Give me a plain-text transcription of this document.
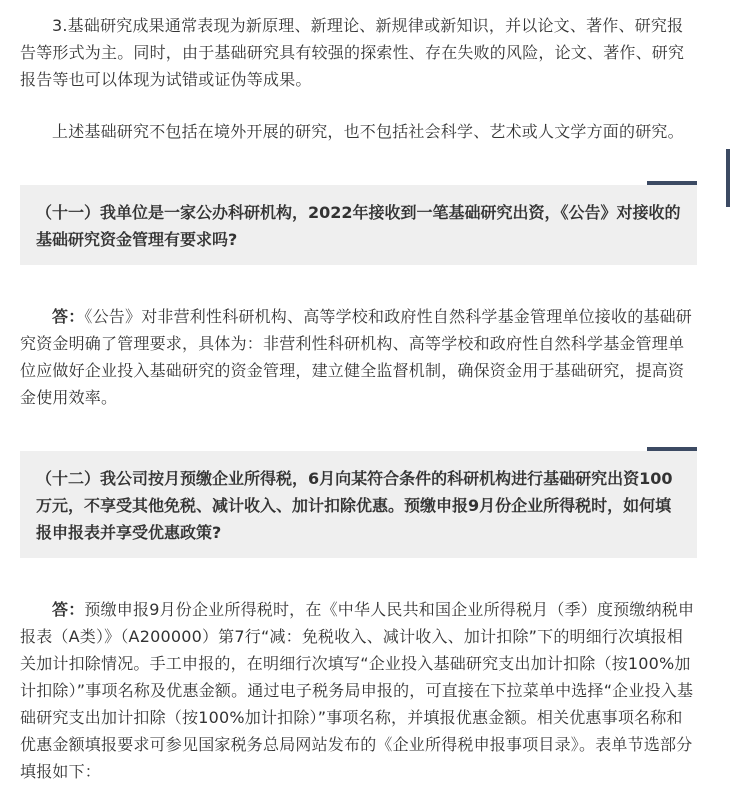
3.基础研究成果通常表现为新原理、新理论、新规律或新知识，并以论文、著作、研究报告等形式为主。同时，由于基础研究具有较强的探索性、存在失败的风险，论文、著作、研究报告等也可以体现为试错或证伪等成果。

上述基础研究不包括在境外开展的研究，也不包括社会科学、艺术或人文学方面的研究。

（十一）我单位是一家公办科研机构，2022年接收到一笔基础研究出资，《公告》对接收的基础研究资金管理有要求吗?

答：《公告》对非营利性科研机构、高等学校和政府性自然科学基金管理单位接收的基础研究资金明确了管理要求，具体为：非营利性科研机构、高等学校和政府性自然科学基金管理单位应做好企业投入基础研究的资金管理，建立健全监督机制，确保资金用于基础研究，提高资金使用效率。

（十二）我公司按月预缴企业所得税，6月向某符合条件的科研机构进行基础研究出资100万元，不享受其他免税、减计收入、加计扣除优惠。预缴申报9月份企业所得税时，如何填报申报表并享受优惠政策?

答：预缴申报9月份企业所得税时，在《中华人民共和国企业所得税月（季）度预缴纳税申报表（A类）》（A200000）第7行“减：免税收入、减计收入、加计扣除”下的明细行次填报相关加计扣除情况。手工申报的，在明细行次填写“企业投入基础研究支出加计扣除（按100%加计扣除）”事项名称及优惠金额。通过电子税务局申报的，可直接在下拉菜单中选择“企业投入基础研究支出加计扣除（按100%加计扣除）”事项名称，并填报优惠金额。相关优惠事项名称和优惠金额填报要求可参见国家税务总局网站发布的《企业所得税申报事项目录》。表单节选部分填报如下：
